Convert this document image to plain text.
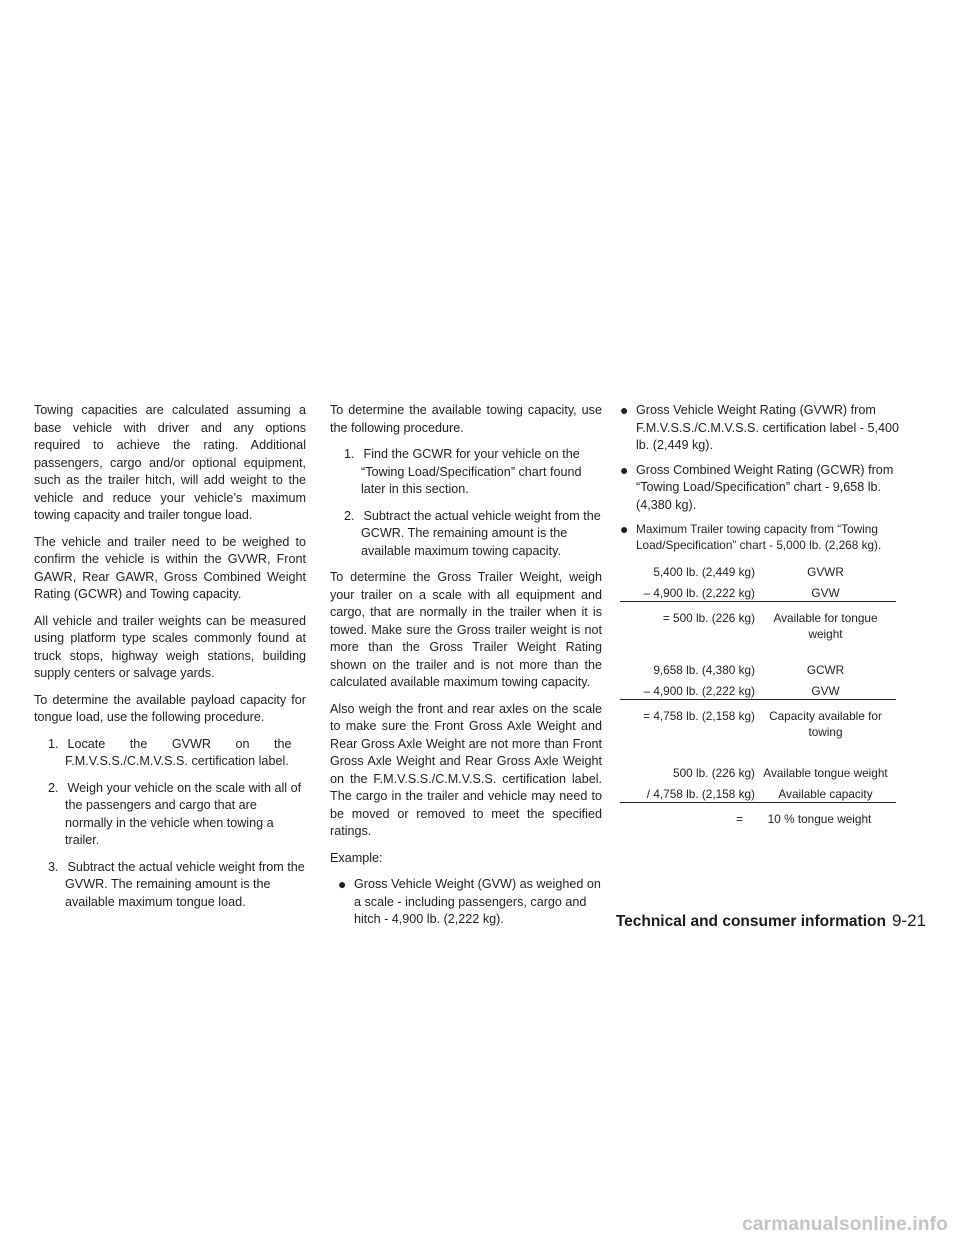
Towing capacities are calculated assuming a base vehicle with driver and any options required to achieve the rating. Additional passengers, cargo and/or optional equipment, such as the trailer hitch, will add weight to the vehicle and reduce your vehicle’s maximum towing capacity and trailer tongue load.

The vehicle and trailer need to be weighed to confirm the vehicle is within the GVWR, Front GAWR, Rear GAWR, Gross Combined Weight Rating (GCWR) and Towing capacity.

All vehicle and trailer weights can be measured using platform type scales commonly found at truck stops, highway weigh stations, building supply centers or salvage yards.

To determine the available payload capacity for tongue load, use the following procedure.

1. Locate the GVWR on the
F.M.V.S.S./C.M.V.S.S. certification label.

2. Weigh your vehicle on the scale with all of
the passengers and cargo that are normally in the vehicle when towing a trailer.

3. Subtract the actual vehicle weight from the
GVWR. The remaining amount is the available maximum tongue load.

To determine the available towing capacity, use the following procedure.

1. Find the GCWR for your vehicle on the
“Towing Load/Specification” chart found later in this section.

2. Subtract the actual vehicle weight from the
GCWR. The remaining amount is the available maximum towing capacity.

To determine the Gross Trailer Weight, weigh your trailer on a scale with all equipment and cargo, that are normally in the trailer when it is towed. Make sure the Gross trailer weight is not more than the Gross Trailer Weight Rating shown on the trailer and is not more than the calculated available maximum towing capacity.

Also weigh the front and rear axles on the scale to make sure the Front Gross Axle Weight and Rear Gross Axle Weight are not more than Front Gross Axle Weight and Rear Gross Axle Weight on the F.M.V.S.S./C.M.V.S.S. certification label. The cargo in the trailer and vehicle may need to be moved or removed to meet the specified ratings.

Example:

● Gross Vehicle Weight (GVW) as weighed on a scale - including passengers, cargo and hitch - 4,900 lb. (2,222 kg).

● Gross Vehicle Weight Rating (GVWR) from F.M.V.S.S./C.M.V.S.S. certification label - 5,400 lb. (2,449 kg).

● Gross Combined Weight Rating (GCWR) from “Towing Load/Specification” chart - 9,658 lb. (4,380 kg).

● Maximum Trailer towing capacity from “Towing Load/Specification” chart - 5,000 lb. (2,268 kg).

5,400 lb. (2,449 kg)	GVWR
– 4,900 lb. (2,222 kg)	GVW
= 500 lb. (226 kg)	Available for tongue weight
9,658 lb. (4,380 kg)	GCWR
– 4,900 lb. (2,222 kg)	GVW
= 4,758 lb. (2,158 kg)	Capacity available for towing
500 lb. (226 kg) Available tongue weight
/ 4,758 lb. (2,158 kg)	Available capacity
=	10 % tongue weight
Technical and consumer information 9-21
carmanualsonline.info
